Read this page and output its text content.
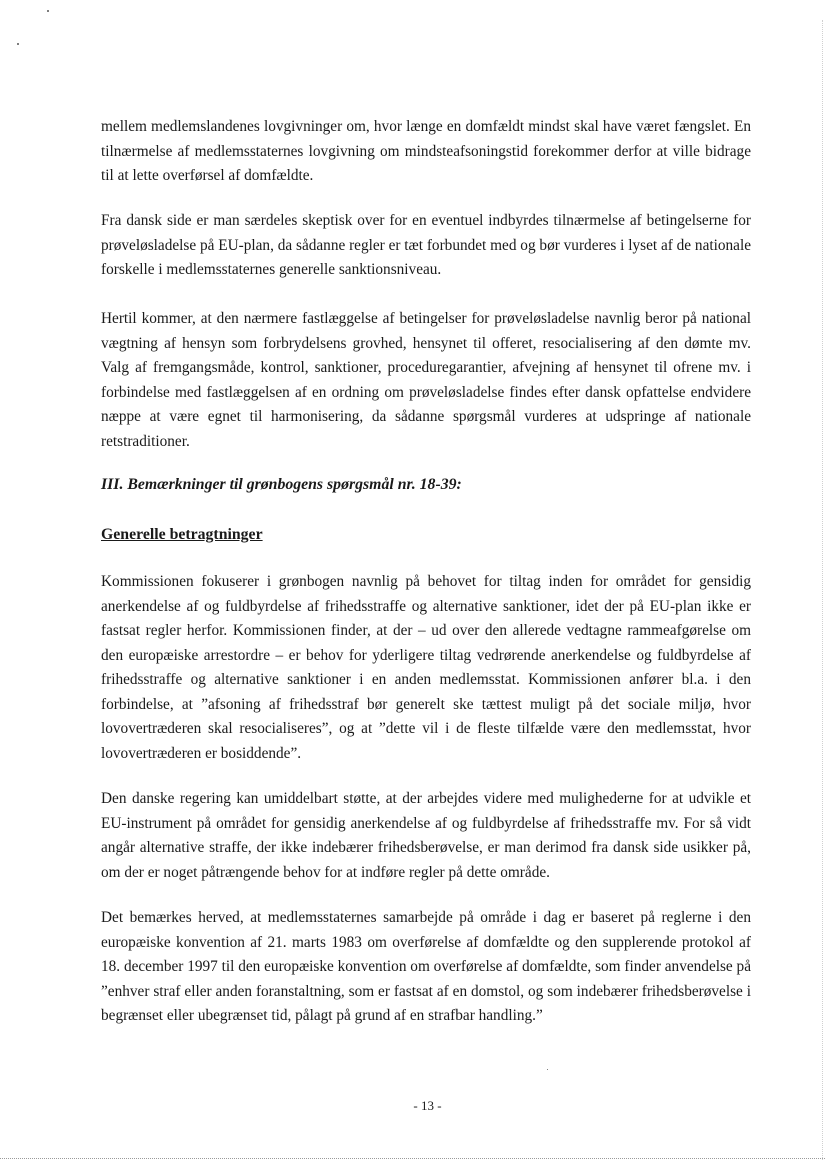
mellem medlemslandenes lovgivninger om, hvor længe en domfældt mindst skal have været fængslet. En tilnærmelse af medlemsstaternes lovgivning om mindsteafsoningstid forekommer derfor at ville bidrage til at lette overførsel af domfældte.

Fra dansk side er man særdeles skeptisk over for en eventuel indbyrdes tilnærmelse af betingelserne for prøveløsladelse på EU-plan, da sådanne regler er tæt forbundet med og bør vurderes i lyset af de nationale forskelle i medlemsstaternes generelle sanktionsniveau.

Hertil kommer, at den nærmere fastlæggelse af betingelser for prøveløsladelse navnlig beror på national vægtning af hensyn som forbrydelsens grovhed, hensynet til offeret, resocialisering af den dømte mv. Valg af fremgangsmåde, kontrol, sanktioner, proceduregarantier, afvejning af hensynet til ofrene mv. i forbindelse med fastlæggelsen af en ordning om prøveløsladelse findes efter dansk opfattelse endvidere næppe at være egnet til harmonisering, da sådanne spørgsmål vurderes at udspringe af nationale retstraditioner.

III. Bemærkninger til grønbogens spørgsmål nr. 18-39:

Generelle betragtninger

Kommissionen fokuserer i grønbogen navnlig på behovet for tiltag inden for området for gensidig anerkendelse af og fuldbyrdelse af frihedsstraffe og alternative sanktioner, idet der på EU-plan ikke er fastsat regler herfor. Kommissionen finder, at der – ud over den allerede vedtagne rammeafgørelse om den europæiske arrestordre – er behov for yderligere tiltag vedrørende anerkendelse og fuldbyrdelse af frihedsstraffe og alternative sanktioner i en anden medlemsstat. Kommissionen anfører bl.a. i den forbindelse, at ”afsoning af frihedsstraf bør generelt ske tættest muligt på det sociale miljø, hvor lovovertræderen skal resocialiseres”, og at ”dette vil i de fleste tilfælde være den medlemsstat, hvor lovovertræderen er bosiddende”.

Den danske regering kan umiddelbart støtte, at der arbejdes videre med mulighederne for at udvikle et EU-instrument på området for gensidig anerkendelse af og fuldbyrdelse af frihedsstraffe mv. For så vidt angår alternative straffe, der ikke indebærer frihedsberøvelse, er man derimod fra dansk side usikker på, om der er noget påtrængende behov for at indføre regler på dette område.

Det bemærkes herved, at medlemsstaternes samarbejde på område i dag er baseret på reglerne i den europæiske konvention af 21. marts 1983 om overførelse af domfældte og den supplerende protokol af 18. december 1997 til den europæiske konvention om overførelse af domfældte, som finder anvendelse på ”enhver straf eller anden foranstaltning, som er fastsat af en domstol, og som indebærer frihedsberøvelse i begrænset eller ubegrænset tid, pålagt på grund af en strafbar handling.”

- 13 -
